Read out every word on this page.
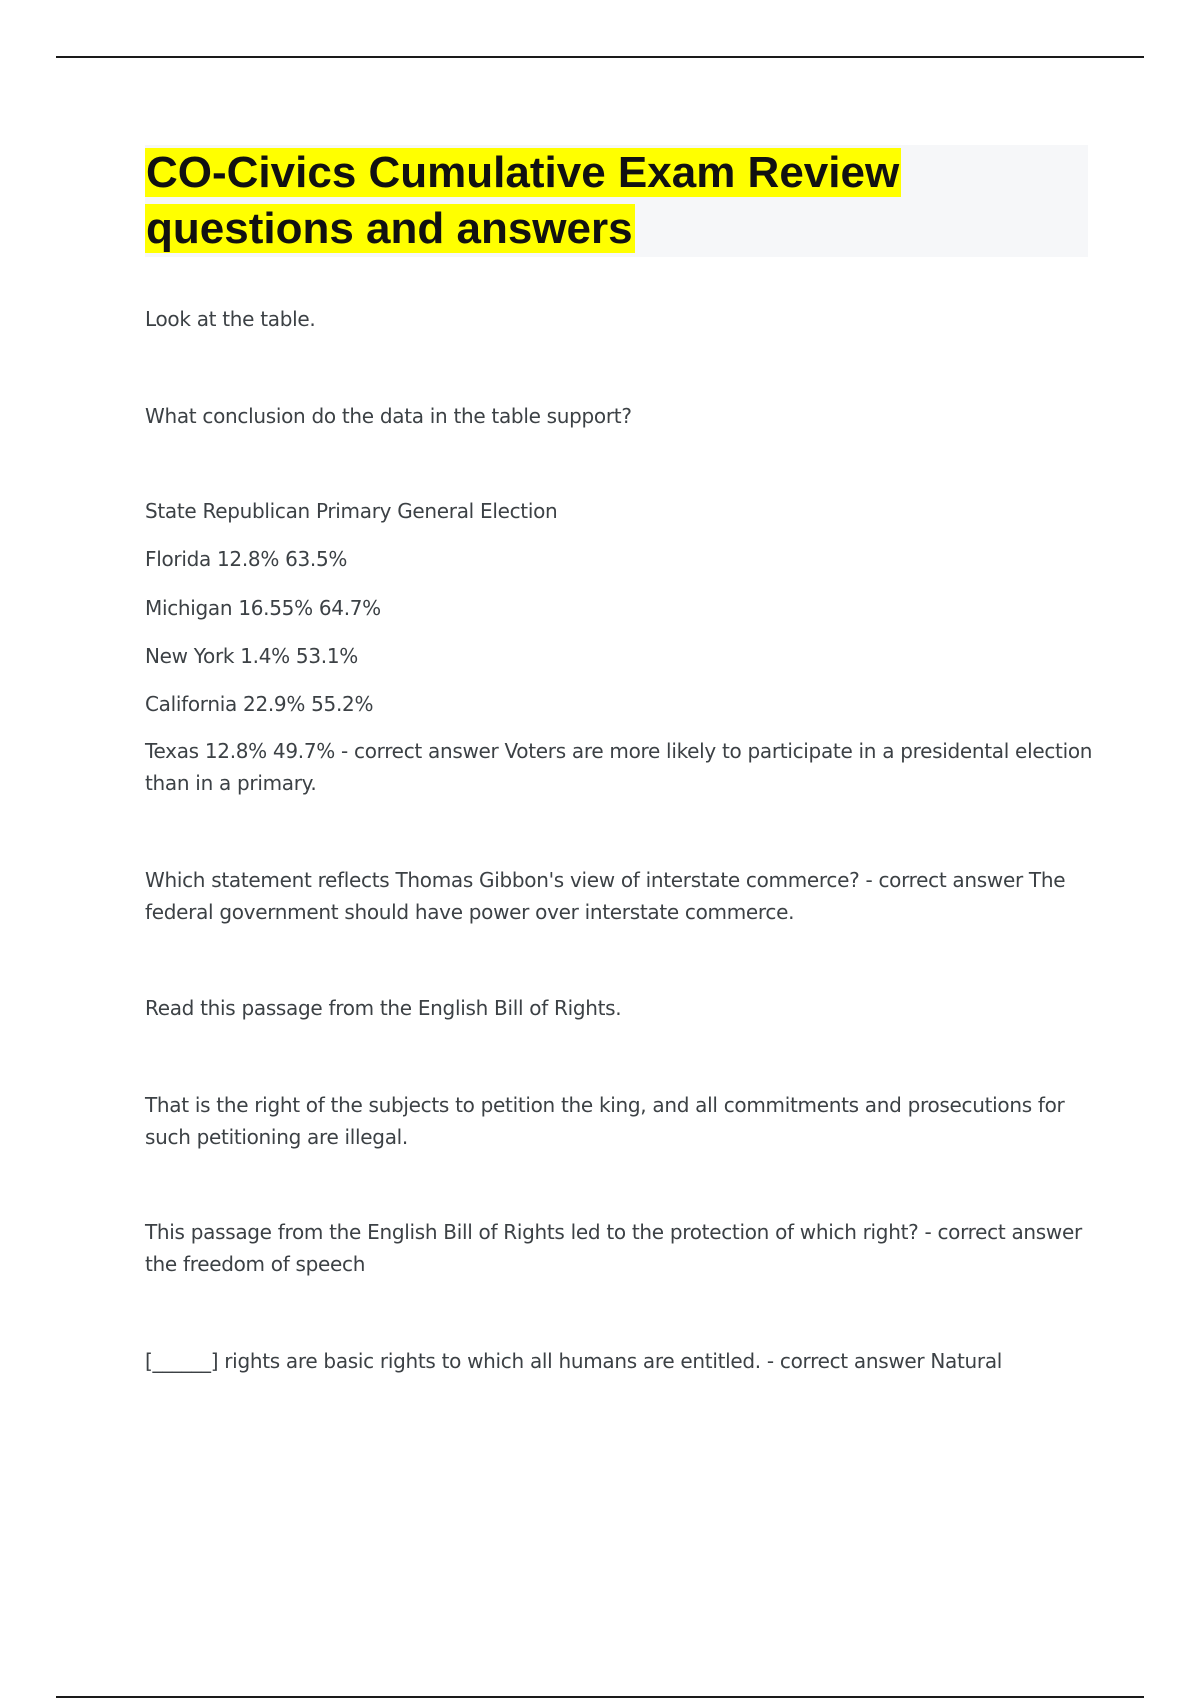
CO-Civics Cumulative Exam Review questions and answers

Look at the table.

What conclusion do the data in the table support?

State Republican Primary General Election

Florida 12.8% 63.5%

Michigan 16.55% 64.7%

New York 1.4% 53.1%

California 22.9% 55.2%

Texas 12.8% 49.7% - correct answer Voters are more likely to participate in a presidental election than in a primary.

Which statement reflects Thomas Gibbon's view of interstate commerce? - correct answer The federal government should have power over interstate commerce.

Read this passage from the English Bill of Rights.

That is the right of the subjects to petition the king, and all commitments and prosecutions for such petitioning are illegal.

This passage from the English Bill of Rights led to the protection of which right? - correct answer the freedom of speech

[______] rights are basic rights to which all humans are entitled. - correct answer Natural
